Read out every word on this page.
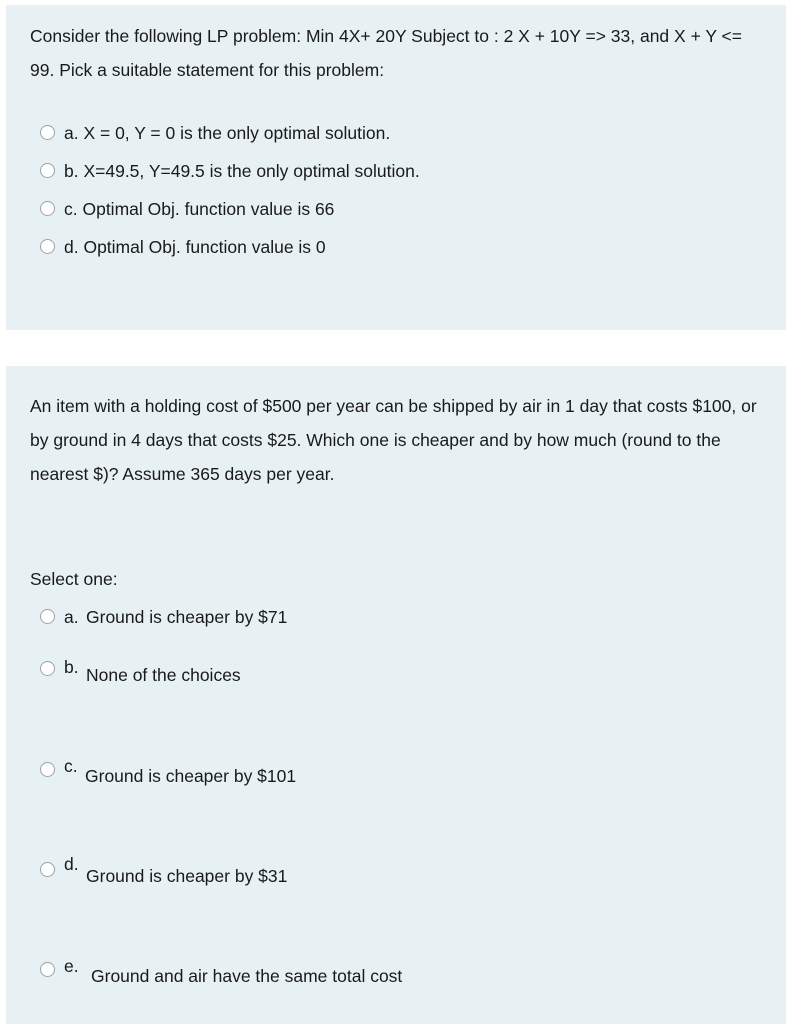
Consider the following LP problem: Min 4X+ 20Y Subject to : 2 X + 10Y => 33, and X + Y <= 99. Pick a suitable statement for this problem:
a. X = 0, Y = 0 is the only optimal solution.
b. X=49.5, Y=49.5 is the only optimal solution.
c. Optimal Obj. function value is 66
d. Optimal Obj. function value is 0
An item with a holding cost of $500 per year can be shipped by air in 1 day that costs $100, or by ground in 4 days that costs $25. Which one is cheaper and by how much (round to the nearest $)? Assume 365 days per year.
Select one:
a. Ground is cheaper by $71
b. None of the choices
c. Ground is cheaper by $101
d.
Ground is cheaper by $31
e. Ground and air have the same total cost
